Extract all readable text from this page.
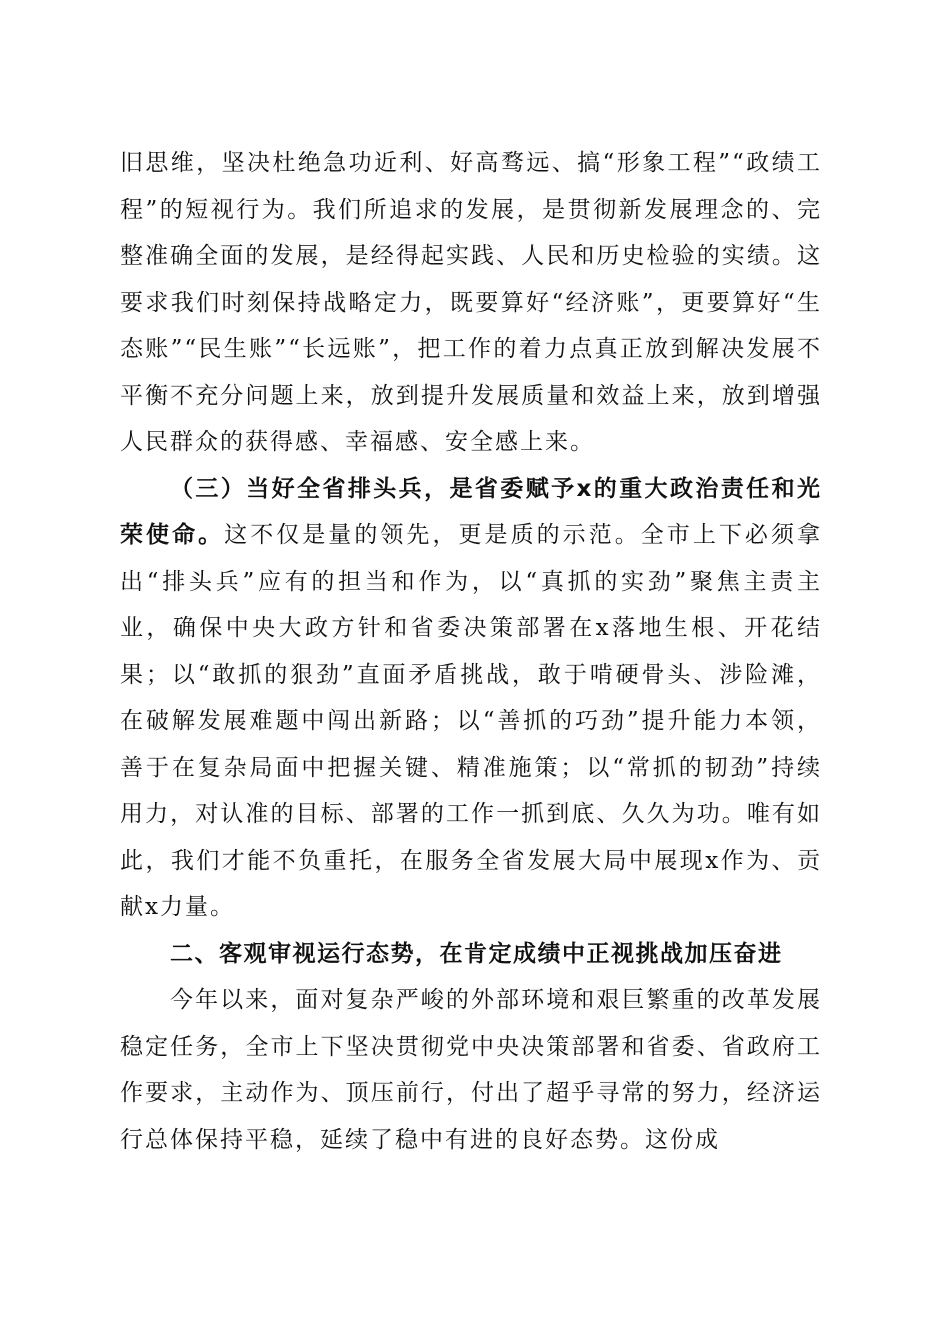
旧思维，坚决杜绝急功近利、好高骛远、搞“形象工程”“政绩工程”的短视行为。我们所追求的发展，是贯彻新发展理念的、完整准确全面的发展，是经得起实践、人民和历史检验的实绩。这要求我们时刻保持战略定力，既要算好“经济账”，更要算好“生态账”“民生账”“长远账”，把工作的着力点真正放到解决发展不平衡不充分问题上来，放到提升发展质量和效益上来，放到增强人民群众的获得感、幸福感、安全感上来。

（三）当好全省排头兵，是省委赋予x的重大政治责任和光荣使命。这不仅是量的领先，更是质的示范。全市上下必须拿出“排头兵”应有的担当和作为，以“真抓的实劲”聚焦主责主业，确保中央大政方针和省委决策部署在x落地生根、开花结果；以“敢抓的狠劲”直面矛盾挑战，敢于啃硬骨头、涉险滩，在破解发展难题中闯出新路；以“善抓的巧劲”提升能力本领，善于在复杂局面中把握关键、精准施策；以“常抓的韧劲”持续用力，对认准的目标、部署的工作一抓到底、久久为功。唯有如此，我们才能不负重托，在服务全省发展大局中展现x作为、贡献x力量。

二、客观审视运行态势，在肯定成绩中正视挑战加压奋进

今年以来，面对复杂严峻的外部环境和艰巨繁重的改革发展稳定任务，全市上下坚决贯彻党中央决策部署和省委、省政府工作要求，主动作为、顶压前行，付出了超乎寻常的努力，经济运行总体保持平稳，延续了稳中有进的良好态势。这份成
